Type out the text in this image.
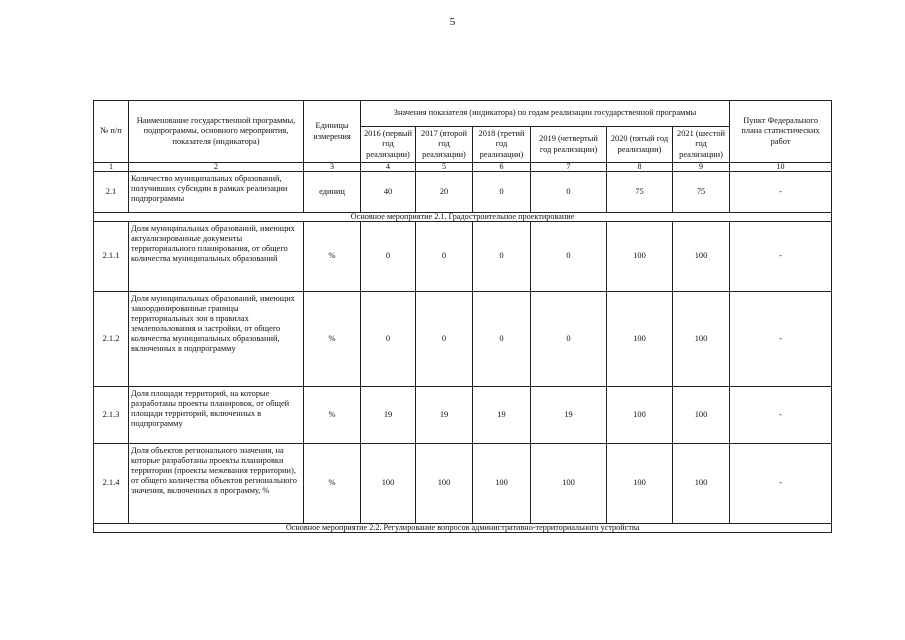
5
№ п/п	Наименование государственной программы, подпрограммы, основного мероприятия, показателя (индикатора)	Единицы измерения	Значения показателя (индикатора) по годам реализации государственной программы						Пункт Федерального плана статистических работ
			2016 (первый год реализации)	2017 (второй год реализации)	2018 (третий год реализации)	2019 (четвертый год реализации)	2020 (пятый год реализации)	2021 (шестой год реализации)	
1	2	3	4	5	6	7	8	9	10
2.1	Количество муниципальных образований, получивших субсидии в рамках реализации подпрограммы	единиц	40	20	0	0	75	75	-
Основное мероприятие 2.1. Градостроительное проектирование									
2.1.1	Доля муниципальных образований, имеющих актуализированные документы территориального планирования, от общего количества муниципальных образований	%	0	0	0	0	100	100	-
2.1.2	Доля муниципальных образований, имеющих закоординированные границы территориальных зон в правилах землепользования и застройки, от общего количества муниципальных образований, включенных в подпрограмму	%	0	0	0	0	100	100	-
2.1.3	Доля площади территорий, на которые разработаны проекты планировок, от общей площади территорий, включенных в подпрограмму	%	19	19	19	19	100	100	-
2.1.4	Доля объектов регионального значения, на которые разработаны проекты планировки территории (проекты межевания территории), от общего количества объектов регионального значения, включенных в программу, %	%	100	100	100	100	100	100	-
Основное мероприятие 2.2. Регулирование вопросов административно-территориального устройства									
